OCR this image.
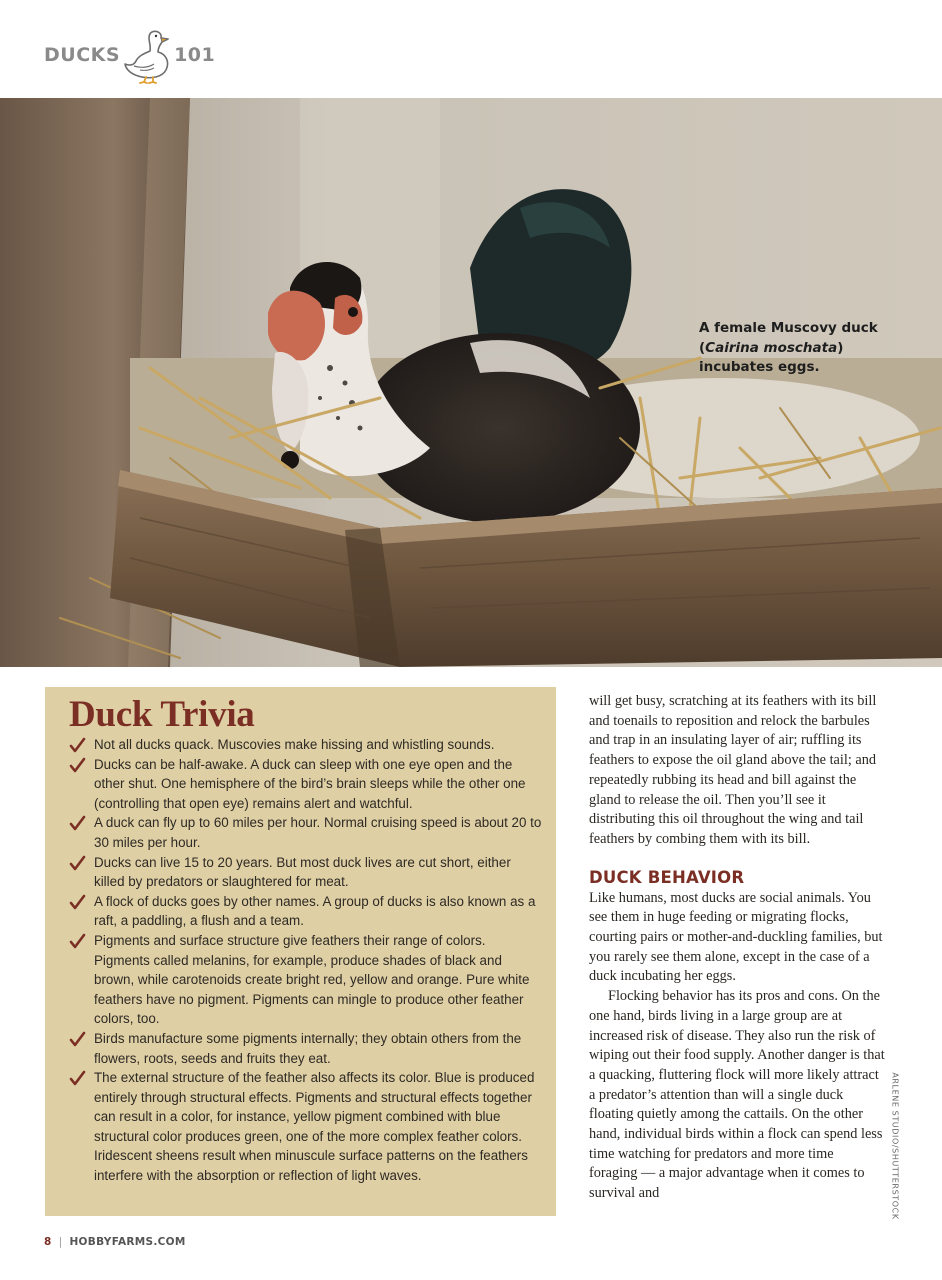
DUCKS	101
A female Muscovy duck
(Cairina moschata)
incubates eggs.
Duck Trivia
Not all ducks quack. Muscovies make hissing and whistling sounds.
Ducks can be half-awake. A duck can sleep with one eye open and the other shut. One hemisphere of the bird’s brain sleeps while the other one (controlling that open eye) remains alert and watchful.
A duck can fly up to 60 miles per hour. Normal cruising speed is about 20 to 30 miles per hour.
Ducks can live 15 to 20 years. But most duck lives are cut short, either killed by predators or slaughtered for meat.
A flock of ducks goes by other names. A group of ducks is also known as a raft, a paddling, a flush and a team.
Pigments and surface structure give feathers their range of colors. Pigments called melanins, for example, produce shades of black and brown, while carotenoids create bright red, yellow and orange. Pure white feathers have no pigment. Pigments can mingle to produce other feather colors, too.
Birds manufacture some pigments internally; they obtain others from the flowers, roots, seeds and fruits they eat.
The external structure of the feather also affects its color. Blue is produced entirely through structural effects. Pigments and structural effects together can result in a color, for instance, yellow pigment combined with blue structural color produces green, one of the more complex feather colors. Iridescent sheens result when minuscule surface patterns on the feathers interfere with the absorption or reflection of light waves.

will get busy, scratching at its feathers with its bill and toenails to reposition and relock the barbules and trap in an insulating layer of air; ruffling its feathers to expose the oil gland above the tail; and repeatedly rubbing its head and bill against the gland to release the oil. Then you’ll see it distributing this oil throughout the wing and tail feathers by combing them with its bill.

DUCK BEHAVIOR

Like humans, most ducks are social animals. You see them in huge feeding or migrating flocks, courting pairs or mother-and-duckling families, but you rarely see them alone, except in the case of a duck incubating her eggs.

Flocking behavior has its pros and cons. On the one hand, birds living in a large group are at increased risk of disease. They also run the risk of wiping out their food supply. Another danger is that a quacking, fluttering flock will more likely attract a predator’s attention than will a single duck floating quietly among the cattails. On the other hand, individual birds within a flock can spend less time watching for predators and more time foraging — a major advantage when it comes to survival and	ARLENE STUDIO/SHUTTERSTOCK
8 | HOBBYFARMS.COM
